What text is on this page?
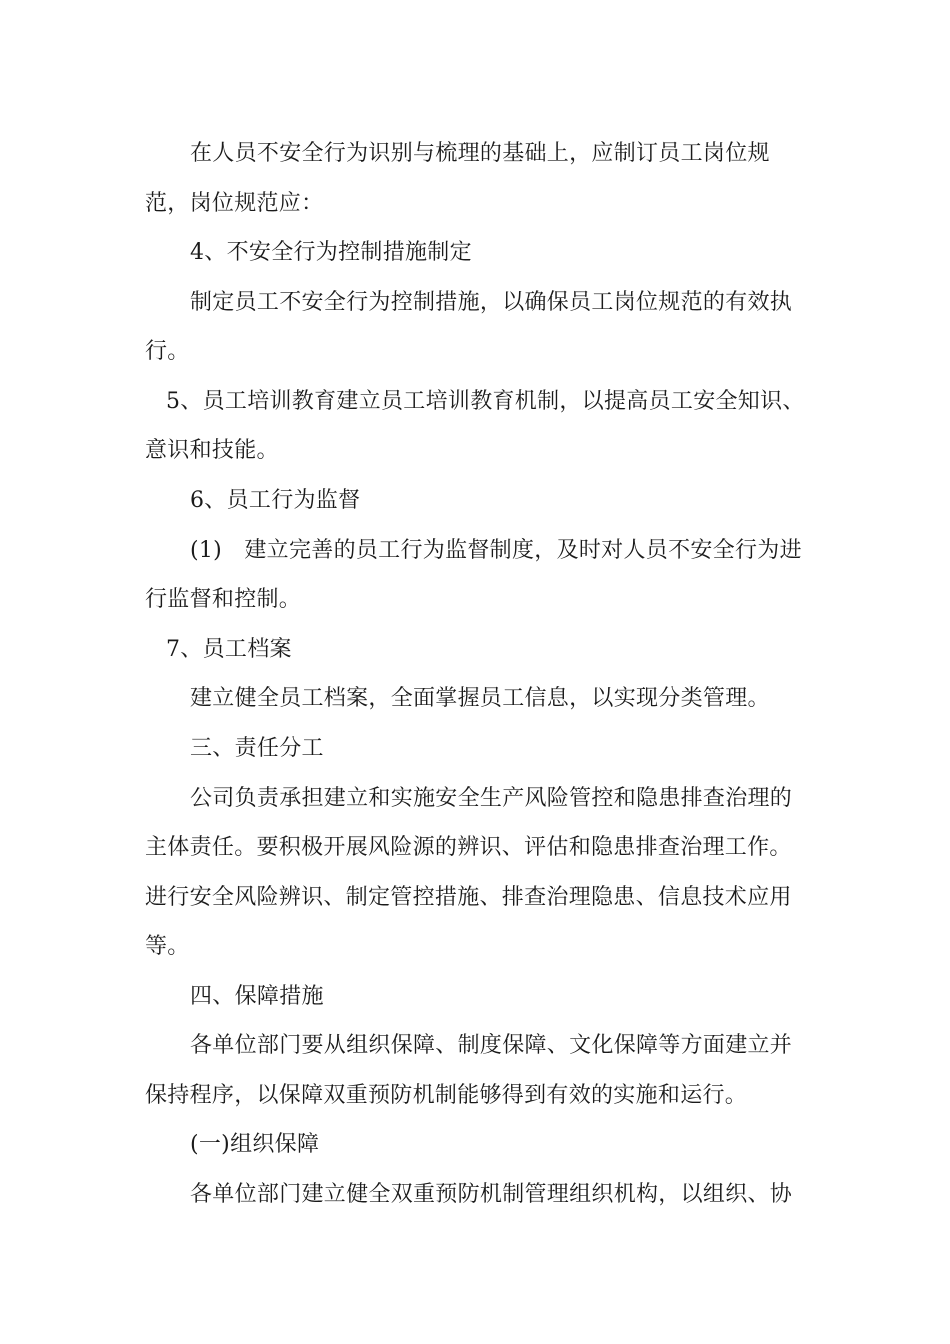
在人员不安全行为识别与梳理的基础上，应制订员工岗位规
范，岗位规范应：
4、不安全行为控制措施制定
制定员工不安全行为控制措施，以确保员工岗位规范的有效执
行。
5、员工培训教育建立员工培训教育机制，以提高员工安全知识、
意识和技能。
6、员工行为监督
(1)　建立完善的员工行为监督制度，及时对人员不安全行为进
行监督和控制。
7、员工档案
建立健全员工档案，全面掌握员工信息，以实现分类管理。
三、责任分工
公司负责承担建立和实施安全生产风险管控和隐患排查治理的
主体责任。要积极开展风险源的辨识、评估和隐患排查治理工作。
进行安全风险辨识、制定管控措施、排查治理隐患、信息技术应用
等。
四、保障措施
各单位部门要从组织保障、制度保障、文化保障等方面建立并
保持程序，以保障双重预防机制能够得到有效的实施和运行。
(一)组织保障
各单位部门建立健全双重预防机制管理组织机构，以组织、协
